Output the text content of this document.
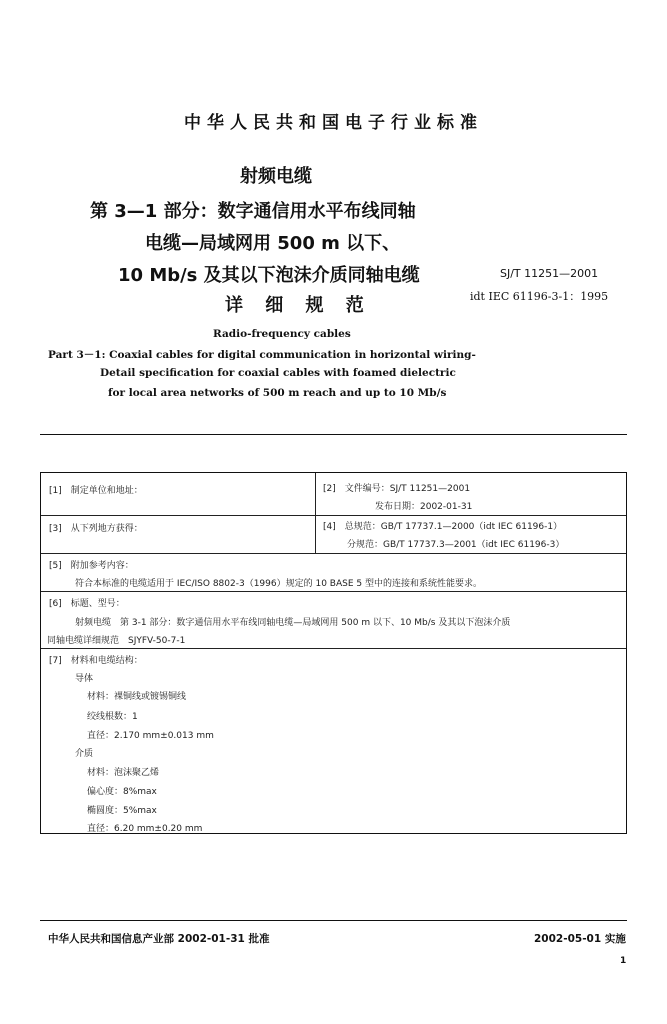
中华人民共和国电子行业标准
射频电缆
第 3—1 部分：数字通信用水平布线同轴
电缆—局域网用 500 m 以下、
10 Mb/s 及其以下泡沫介质同轴电缆
详 细 规 范
SJ/T 11251—2001
idt IEC 61196-3-1：1995
Radio-frequency cables
Part 3－1: Coaxial cables for digital communication in horizontal wiring-
Detail specification for coaxial cables with foamed dielectric
for local area networks of 500 m reach and up to 10 Mb/s
[1]　制定单位和地址：	[2]　文件编号：SJ/T 11251—2001
发布日期：2002-01-31
[3]　从下列地方获得：	[4]　总规范：GB/T 17737.1—2000（idt IEC 61196-1）
分规范：GB/T 17737.3—2001（idt IEC 61196-3）
[5]　附加参考内容：
符合本标准的电缆适用于 IEC/ISO 8802-3（1996）规定的 10 BASE 5 型中的连接和系统性能要求。
[6]　标题、型号：
射频电缆　第 3-1 部分：数字通信用水平布线同轴电缆—局域网用 500 m 以下、10 Mb/s 及其以下泡沫介质
同轴电缆详细规范　SJYFV-50-7-1
[7]　材料和电缆结构：
导体
材料：裸铜线或镀锡铜线
绞线根数：1
直径：2.170 mm±0.013 mm
介质
材料：泡沫聚乙烯
偏心度：8%max
椭圆度：5%max
直径：6.20 mm±0.20 mm
中华人民共和国信息产业部 2002-01-31 批准	2002-05-01 实施
1
